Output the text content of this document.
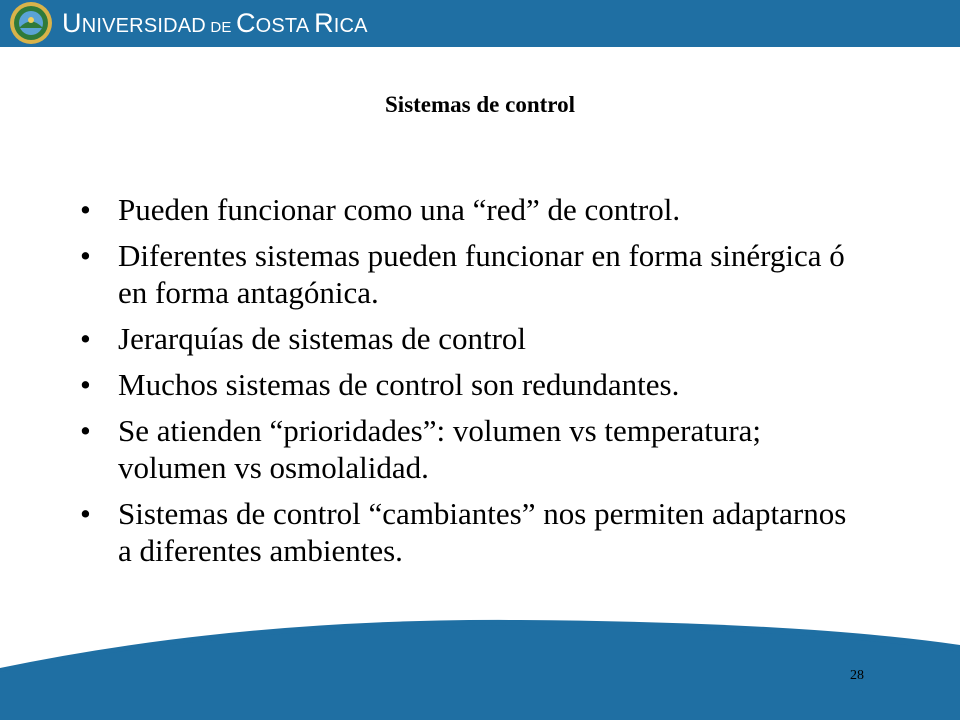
UNIVERSIDAD DE COSTA RICA
Sistemas de control
• Pueden funcionar como una “red” de control.
• Diferentes sistemas pueden funcionar en forma sinérgica ó en forma antagónica.
• Jerarquías de sistemas de control
• Muchos sistemas de control son redundantes.
• Se atienden “prioridades”: volumen vs temperatura; volumen vs osmolalidad.
• Sistemas de control “cambiantes” nos permiten adaptarnos a diferentes ambientes.
28
